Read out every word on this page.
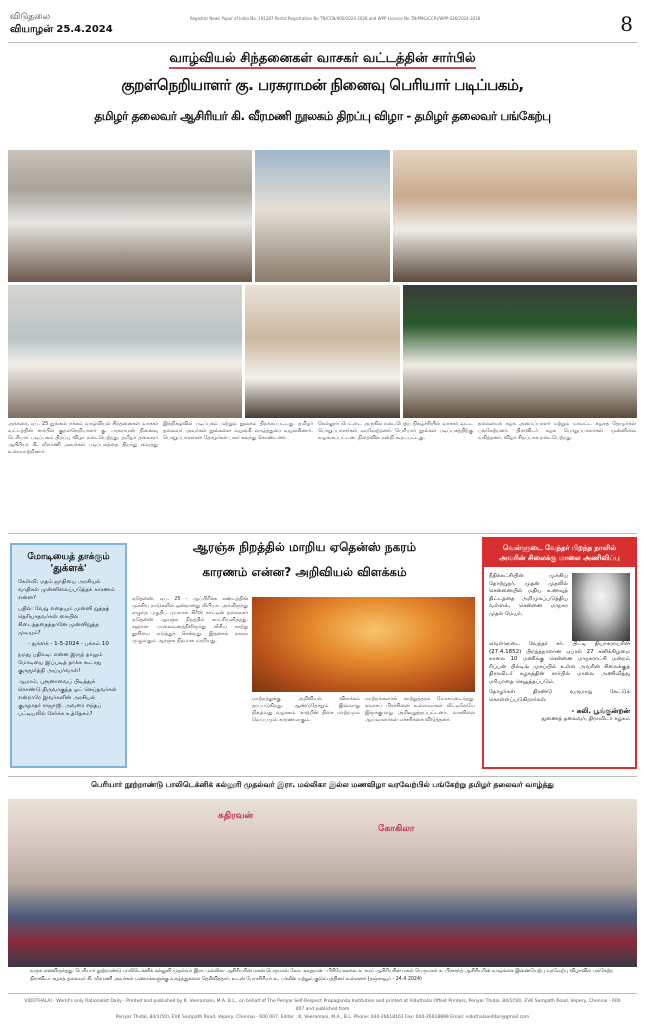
விடுதலை
வியாழன் 25.4.2024
Registrar News Paper of India No. 191287 Postal Registration No TN/CCN/400/2024-2026 and WPP Licence No TN/PMG(CCR)/WPP-426/2024-2026	8
வாழ்வியல் சிந்தனைகள் வாசகர் வட்டத்தின் சார்பில்
குறள்நெறியாளர் கு. பரசுராமன் நினைவு பெரியார் படிப்பகம்,
தமிழர் தலைவர் ஆசிரியர் கி. வீரமணி நூலகம் திறப்பு விழா - தமிழர் தலைவர் பங்கேற்பு
அக்கரை, ஏப். 25 நுங்கம்பாக்கம் வாழ்வியல் சிந்தனைகள் வாசகர் வட்டத்தின் சார்பில் குறள்நெறியாளர் கு. பரசுராமன் நினைவு பெரியார் படிப்பகம் திறப்பு விழா நடைபெற்றது. தமிழர் தலைவர் ஆசிரியர் கி. வீரமணி அவர்கள் படிப்பகத்தை திறந்து வைத்து உரையாற்றினார்.
இந்நிகழ்வில் படிப்பகம் மற்றும் நூலகம் திறக்கப்பட்டது. தமிழர் தலைவர் அவர்கள் நூல்களை வழங்கி வாழ்த்துரை வழங்கினார். பொறுப்பாளர்கள் தோழர்கள் பலர் கலந்து கொண்டனர்.
நெல்லூர்ப்பேட்டை அருகில் நடைபெற்ற நிகழ்ச்சியில் வாசகர் வட்ட பொறுப்பாளர்கள் வரவேற்றனர். பெரியார் நூல்கள் படிப்பகத்திற்கு வழங்கப்பட்டன. நிறைவில் நன்றி கூறப்பட்டது.
தலைமைக் கழக அமைப்பாளர் மற்றும் மாவட்ட கழகத் தோழர்கள் பங்கேற்றனர். திராவிடர் கழக பொறுப்பாளர்கள் முன்னிலை வகித்தனர். விழா சிறப்பாக நடைபெற்றது.
மோடியைத் தாக்கும்
'துக்ளக்'

கேள்வி: மதம் ஜாதியை அரசியல் வாதிகள் முன்னிலைப்படுத்தக் காரணம் என்ன?

பதில்: வேறு எதையும் முன்னி றுத்தத் தெரியாதவர்கள் கையில் கிடைத்ததைத்தானே முன்னிறுத்த முடியும்?

- துக்ளக் - 1-5-2024 - பக்கம் 10

நமது பதிலடி: என்ன இருந் தாலும் மோடியை இப்படித் தாக்க கூடாது குருமூர்த்தி அய்யர்வாள்!

ஆமாம், புரூனாவைப் பிடித்துக் கொண்டு திருவாகுந்த ஓட் செய்தவர்கள் என்றாரே இவர்களின் அரசியல் குருநாதர் ராஜாஜி. அவரை எந்தப் பட்டியலில் சேர்க்க உத்தேசம்?

ஆரஞ்சு நிறத்தில் மாறிய ஏதென்ஸ் நகரம்
காரணம் என்ன? அறிவியல் விளக்கம்
ஏதென்ஸ், ஏப். 25 - ஆப்பிரிக்க கண்டத்தின் முக்கிய நாடுகளில் ஒன்றானது லிபியா. அங்கிருந்து எழுந்த புழுதிப் புயலால் கிரீஸ் நாட்டின் தலைநகர் ஏதென்ஸ் ஆரஞ்சு நிறத்தில் காட்சியளித்தது. சஹாரா பாலைவனத்திலிருந்து வீசிய காற்று தூசியை எடுத்துச் சென்றது. இதனால் நகரம் முழுவதும் ஆரஞ்சு நிறமாக மாறியது.
மாற்றத்துக்கு அறிவியல் விளக்கம் தரப்படுகிறது. ஆண்டுதோறும் இவ்வாறு நிகழ்வது வழக்கம். காற்றின் திசை மாற்றமும் வெப்பமும் காரணமாகும்.
மாற்றங்களால் காற்றுத்தரம் மோசமடைந்தது. சுவாசப் பிரச்சினை உள்ளவர்கள் வீட்டிலேயே இருக்குமாறு அறிவுறுத்தப்பட்டனர். வானிலை ஆய்வாளர்கள் எச்சரிக்கை விடுத்தனர்.
வெள்ளுடை வேந்தர் பிறந்த நாளில்
அவரின் சிலைக்கு மாலை அணிவிப்பு

நீதிக்கட்சியின் முக்கிய தோற்றுநர், முதன் முதலில் சென்னையில் மதிய உணவுத் திட்டத்தை அறிமுகப்படுத்திய வள்ளல், சென்னை மாநகர முதல் மேயர்,

வெள்ளுடை வேந்தர் சர். பிட்டி தியாகராயரின் (27.4.1852) பிறந்தநாளான ஏப்ரல் 27 சனிக்கிழமை காலை 10 மணிக்கு சென்னை மாநகராட்சி மன்றம் ரிப்பன் பில்டிங் முகப்பில் உள்ள அவரின் சிலைக்குத் திராவிடர் கழகத்தின் சார்பில் மாலை அணிவித்து மரியாதை செலுத்தப்படும்.

தோழர்கள் திரண்டு வருமாறு கேட்டுக் கொள்ளப்படுகிறார்கள்.

- கலி. பூங்குன்றன்

துணைத் தலைவர், திராவிடர் கழகம்

பெரியார் நூற்றாண்டு பாலிடெக்னிக் கல்லூரி முதல்வர் இரா. மல்லிகா இல்ல மணவிழா வரவேற்பில் பங்கேற்று தமிழர் தலைவர் வாழ்த்து
கதிரவன்
கோகிலா
வருக எனவிருந்தது, பெரியார் நூற்றாண்டு பாலிடெக்னிக் கல்லூரி முதல்வர் இரா. மல்லிகா ஆசிரியரின் மகன் பெருமாள் லோ. கவுதமன் - பிரியோகலை க. கமர் ஆசிரியரின் மகள் பெருமாள் க. பிரசாந்த் ஆசிரியரின் வாழ்க்கை இணையேற்பு வரவேற்பு விழாவில் பங்கேற்ற திராவிடர் கழகத் தலைவர் கி. வீரமணி அவர்கள் மணமக்களுக்கு வாழ்த்துகளை தெரிவித்தார். உடன் பேராசிரியர் உ. பர்வீன் மற்றும் குடும்பத்தினர் உள்ளனர் (தஞ்சாவூர் - 24.4.2024)
VIDUTHALAI - World's only Rationalist Daily - Printed and published by K. Veeramani, M.A. B.L., on behalf of The Periyar Self-Respect Propaganda Institution and printed at Viduthalai Offset Printers, Periyar Thidal, 84/1(50), EVK Sampath Road, Vepery, Chennai - 600 007 and published from
Periyar Thidal, 84/1(50), EVK Sampath Road, Vepery, Chennai - 600 007. Editor : K. Veeramani, M.A., B.L. Phone: 044-26618161 Fax: 044-26618899 Email: viduthalaieditor@gmail.com
